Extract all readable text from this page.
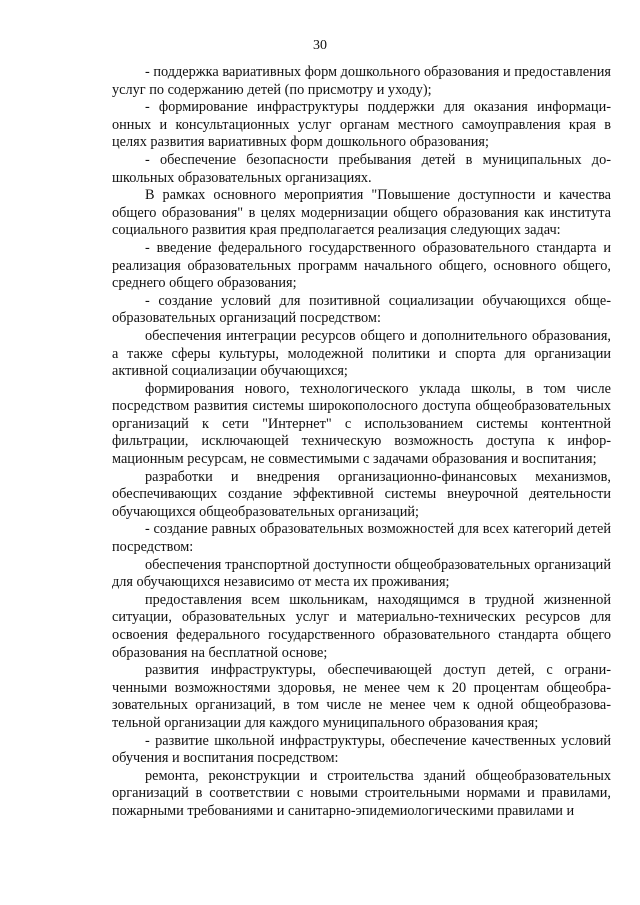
30

- поддержка вариативных форм дошкольного образования и предоставления услуг по содержанию детей (по присмотру и уходу);

- формирование инфраструктуры поддержки для оказания информационных и консультационных услуг органам местного самоуправления края в целях развития вариативных форм дошкольного образования;

- обеспечение безопасности пребывания детей в муниципальных дошкольных образовательных организациях.

В рамках основного мероприятия "Повышение доступности и качества общего образования" в целях модернизации общего образования как института социального развития края предполагается реализация следующих задач:

- введение федерального государственного образовательного стандарта и реализация образовательных программ начального общего, основного общего, среднего общего образования;

- создание условий для позитивной социализации обучающихся общеобразовательных организаций посредством:

обеспечения интеграции ресурсов общего и дополнительного образования, а также сферы культуры, молодежной политики и спорта для организации активной социализации обучающихся;

формирования нового, технологического уклада школы, в том числе посредством развития системы широкополосного доступа общеобразовательных организаций к сети "Интернет" с использованием системы контентной фильтрации, исключающей техническую возможность доступа к информационным ресурсам, не совместимыми с задачами образования и воспитания;

разработки и внедрения организационно-финансовых механизмов, обеспечивающих создание эффективной системы внеурочной деятельности обучающихся общеобразовательных организаций;

- создание равных образовательных возможностей для всех категорий детей посредством:

обеспечения транспортной доступности общеобразовательных организаций для обучающихся независимо от места их проживания;

предоставления всем школьникам, находящимся в трудной жизненной ситуации, образовательных услуг и материально-технических ресурсов для освоения федерального государственного образовательного стандарта общего образования на бесплатной основе;

развития инфраструктуры, обеспечивающей доступ детей, с ограниченными возможностями здоровья, не менее чем к 20 процентам общеобразовательных организаций, в том числе не менее чем к одной общеобразовательной организации для каждого муниципального образования края;

- развитие школьной инфраструктуры, обеспечение качественных условий обучения и воспитания посредством:

ремонта, реконструкции и строительства зданий общеобразовательных организаций в соответствии с новыми строительными нормами и правилами, пожарными требованиями и санитарно-эпидемиологическими правилами и
